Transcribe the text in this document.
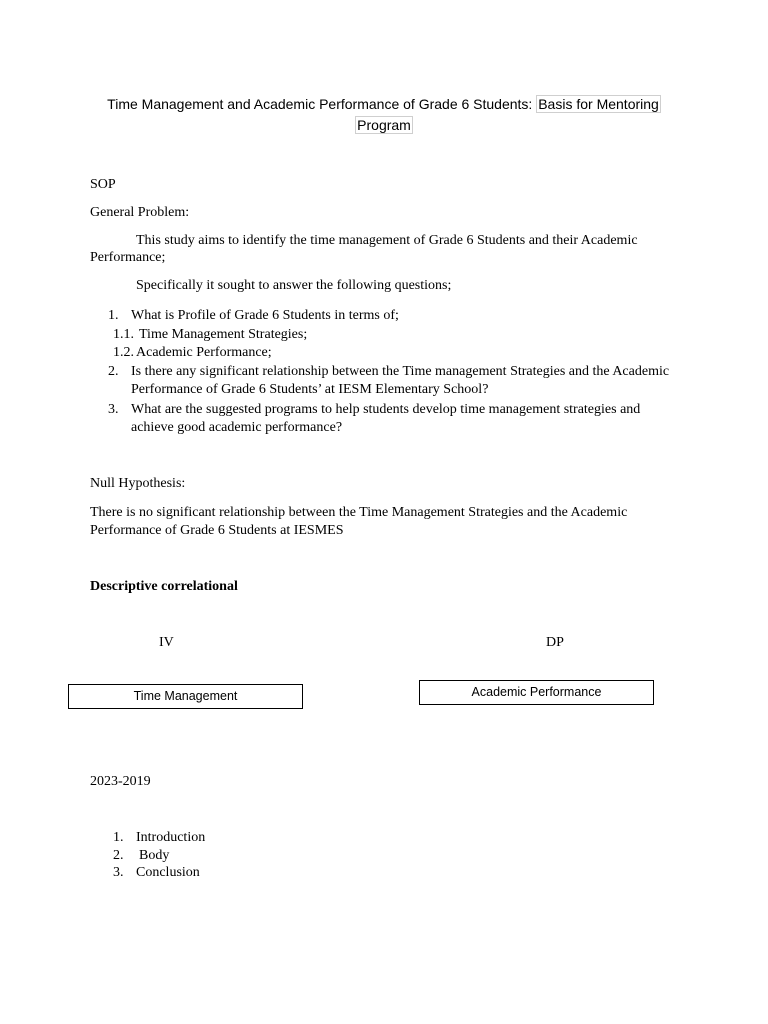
Time Management and Academic Performance of Grade 6 Students: Basis for Mentoring
Program
SOP
General Problem:
This study aims to identify the time management of Grade 6 Students and their Academic
Performance;
Specifically it sought to answer the following questions;
1. What is Profile of Grade 6 Students in terms of;
1.1. Time Management Strategies;
1.2. Academic Performance;
2. Is there any significant relationship between the Time management Strategies and the Academic
Performance of Grade 6 Students’ at IESM Elementary School?
3. What are the suggested programs to help students develop time management strategies and
achieve good academic performance?
Null Hypothesis:
There is no significant relationship between the Time Management Strategies and the Academic
Performance of Grade 6 Students at IESMES
Descriptive correlational
IV	DP
Time Management	Academic Performance
2023-2019
1. Introduction
2. Body
3. Conclusion
